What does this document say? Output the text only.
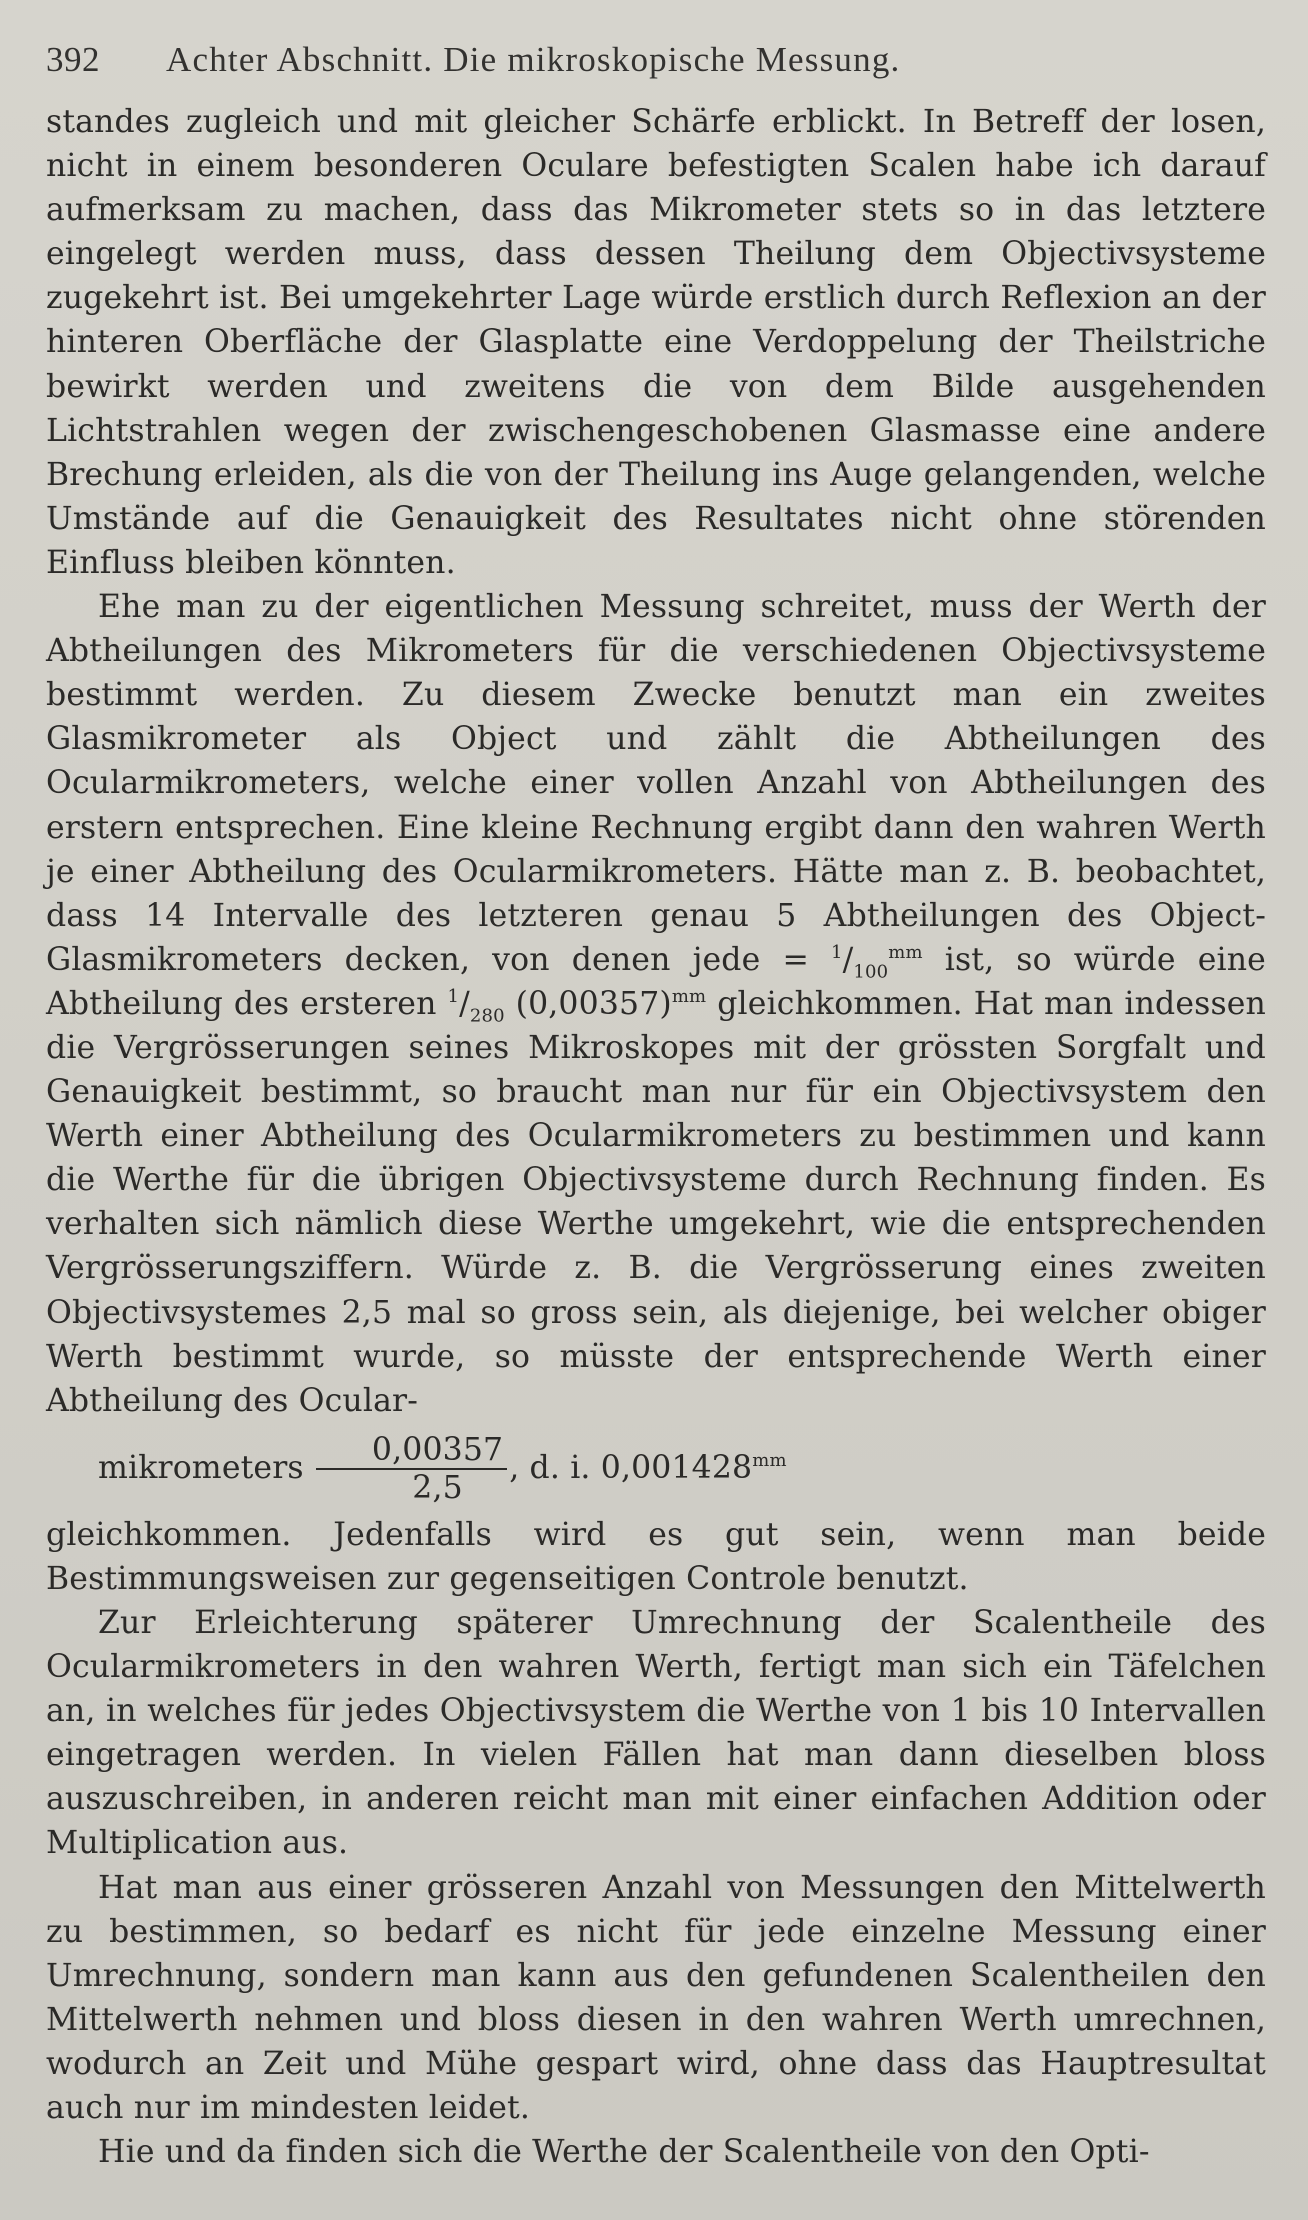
392	Achter Abschnitt. Die mikroskopische Messung.

standes zugleich und mit gleicher Schärfe erblickt. In Betreff der losen, nicht in einem besonderen Oculare befestigten Scalen habe ich darauf aufmerksam zu machen, dass das Mikrometer stets so in das letztere eingelegt werden muss, dass dessen Theilung dem Objectivsysteme zugekehrt ist. Bei umgekehrter Lage würde erstlich durch Reflexion an der hinteren Oberfläche der Glasplatte eine Verdoppelung der Theilstriche bewirkt werden und zweitens die von dem Bilde ausgehenden Lichtstrahlen wegen der zwischengeschobenen Glasmasse eine andere Brechung erleiden, als die von der Theilung ins Auge gelangenden, welche Umstände auf die Genauigkeit des Resultates nicht ohne störenden Einfluss bleiben könnten.

Ehe man zu der eigentlichen Messung schreitet, muss der Werth der Abtheilungen des Mikrometers für die verschiedenen Objectivsysteme bestimmt werden. Zu diesem Zwecke benutzt man ein zweites Glasmikrometer als Object und zählt die Abtheilungen des Ocularmikrometers, welche einer vollen Anzahl von Abtheilungen des erstern entsprechen. Eine kleine Rechnung ergibt dann den wahren Werth je einer Abtheilung des Ocularmikrometers. Hätte man z. B. beobachtet, dass 14 Intervalle des letzteren genau 5 Abtheilungen des Object-Glasmikrometers decken, von denen jede = $^1/_{100}^{mm}$ ist, so würde eine Abtheilung des ersteren $^1/_{280}$ $(0,00357)^{mm}$ gleichkommen. Hat man indessen die Vergrösserungen seines Mikroskopes mit der grössten Sorgfalt und Genauigkeit bestimmt, so braucht man nur für ein Objectivsystem den Werth einer Abtheilung des Ocularmikrometers zu bestimmen und kann die Werthe für die übrigen Objectivsysteme durch Rechnung finden. Es verhalten sich nämlich diese Werthe umgekehrt, wie die entsprechenden Vergrösserungsziffern. Würde z. B. die Vergrösserung eines zweiten Objectivsystemes 2,5 mal so gross sein, als diejenige, bei welcher obiger Werth bestimmt wurde, so müsste der entsprechende Werth einer Abtheilung des Ocular-
mikrometers $\frac{0,00357}{2,5}$ , d. i. $0,001428^{mm}$
gleichkommen. Jedenfalls wird es gut sein, wenn man beide Bestimmungsweisen zur gegenseitigen Controle benutzt.

Zur Erleichterung späterer Umrechnung der Scalentheile des Ocularmikrometers in den wahren Werth, fertigt man sich ein Täfelchen an, in welches für jedes Objectivsystem die Werthe von 1 bis 10 Intervallen eingetragen werden. In vielen Fällen hat man dann dieselben bloss auszuschreiben, in anderen reicht man mit einer einfachen Addition oder Multiplication aus.

Hat man aus einer grösseren Anzahl von Messungen den Mittelwerth zu bestimmen, so bedarf es nicht für jede einzelne Messung einer Umrechnung, sondern man kann aus den gefundenen Scalentheilen den Mittelwerth nehmen und bloss diesen in den wahren Werth umrechnen, wodurch an Zeit und Mühe gespart wird, ohne dass das Hauptresultat auch nur im mindesten leidet.

Hie und da finden sich die Werthe der Scalentheile von den Opti-
